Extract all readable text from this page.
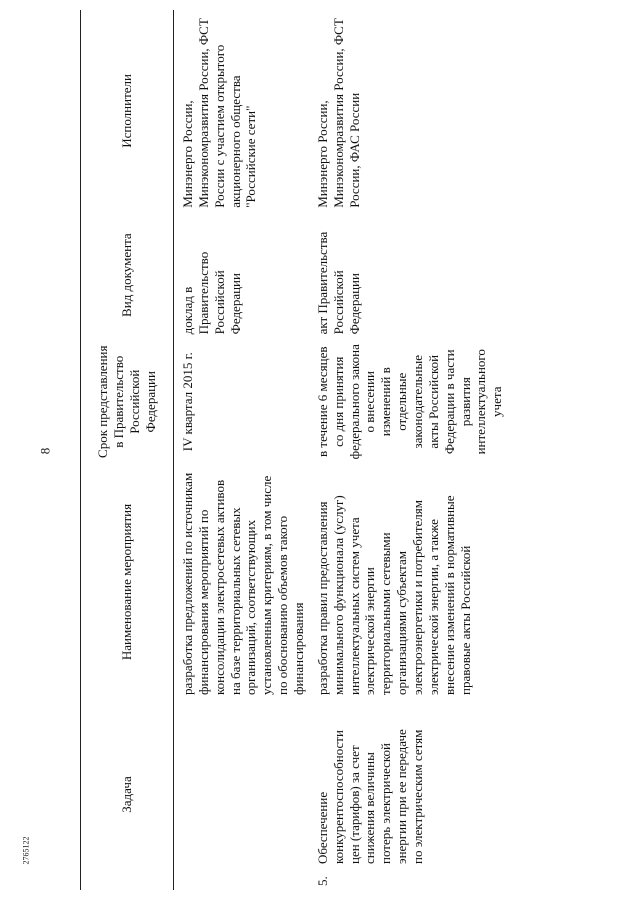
8
Задача	Наименование мероприятия	Срок представления в Правительство Российской Федерации	Вид документа	Исполнители
	разработка предложений по источникам финансирования мероприятий по консолидации электросетевых активов на базе территориальных сетевых организаций, соответствующих установленным критериям, в том числе по обоснованию объемов такого финансирования	IV квартал 2015 г.	доклад в Правительство Российской Федерации	Минэнерго России, Минэкономразвития России, ФСТ России с участием открытого акционерного общества "Российские сети"
5.Обеспечение конкурентоспособности цен (тарифов) за счет снижения величины потерь электрической энергии при ее передаче по электрическим сетям	разработка правил предоставления минимального функционала (услуг) интеллектуальных систем учета электрической энергии территориальными сетевыми организациями субъектам электроэнергетики и потребителям электрической энергии, а также внесение изменений в нормативные правовые акты Российской	в течение 6 месяцев со дня принятия федерального закона о внесении изменений в отдельные законодательные акты Российской Федерации в части развития интеллектуального учета	акт Правительства Российской Федерации	Минэнерго России, Минэкономразвития России, ФСТ России, ФАС России
2765122
